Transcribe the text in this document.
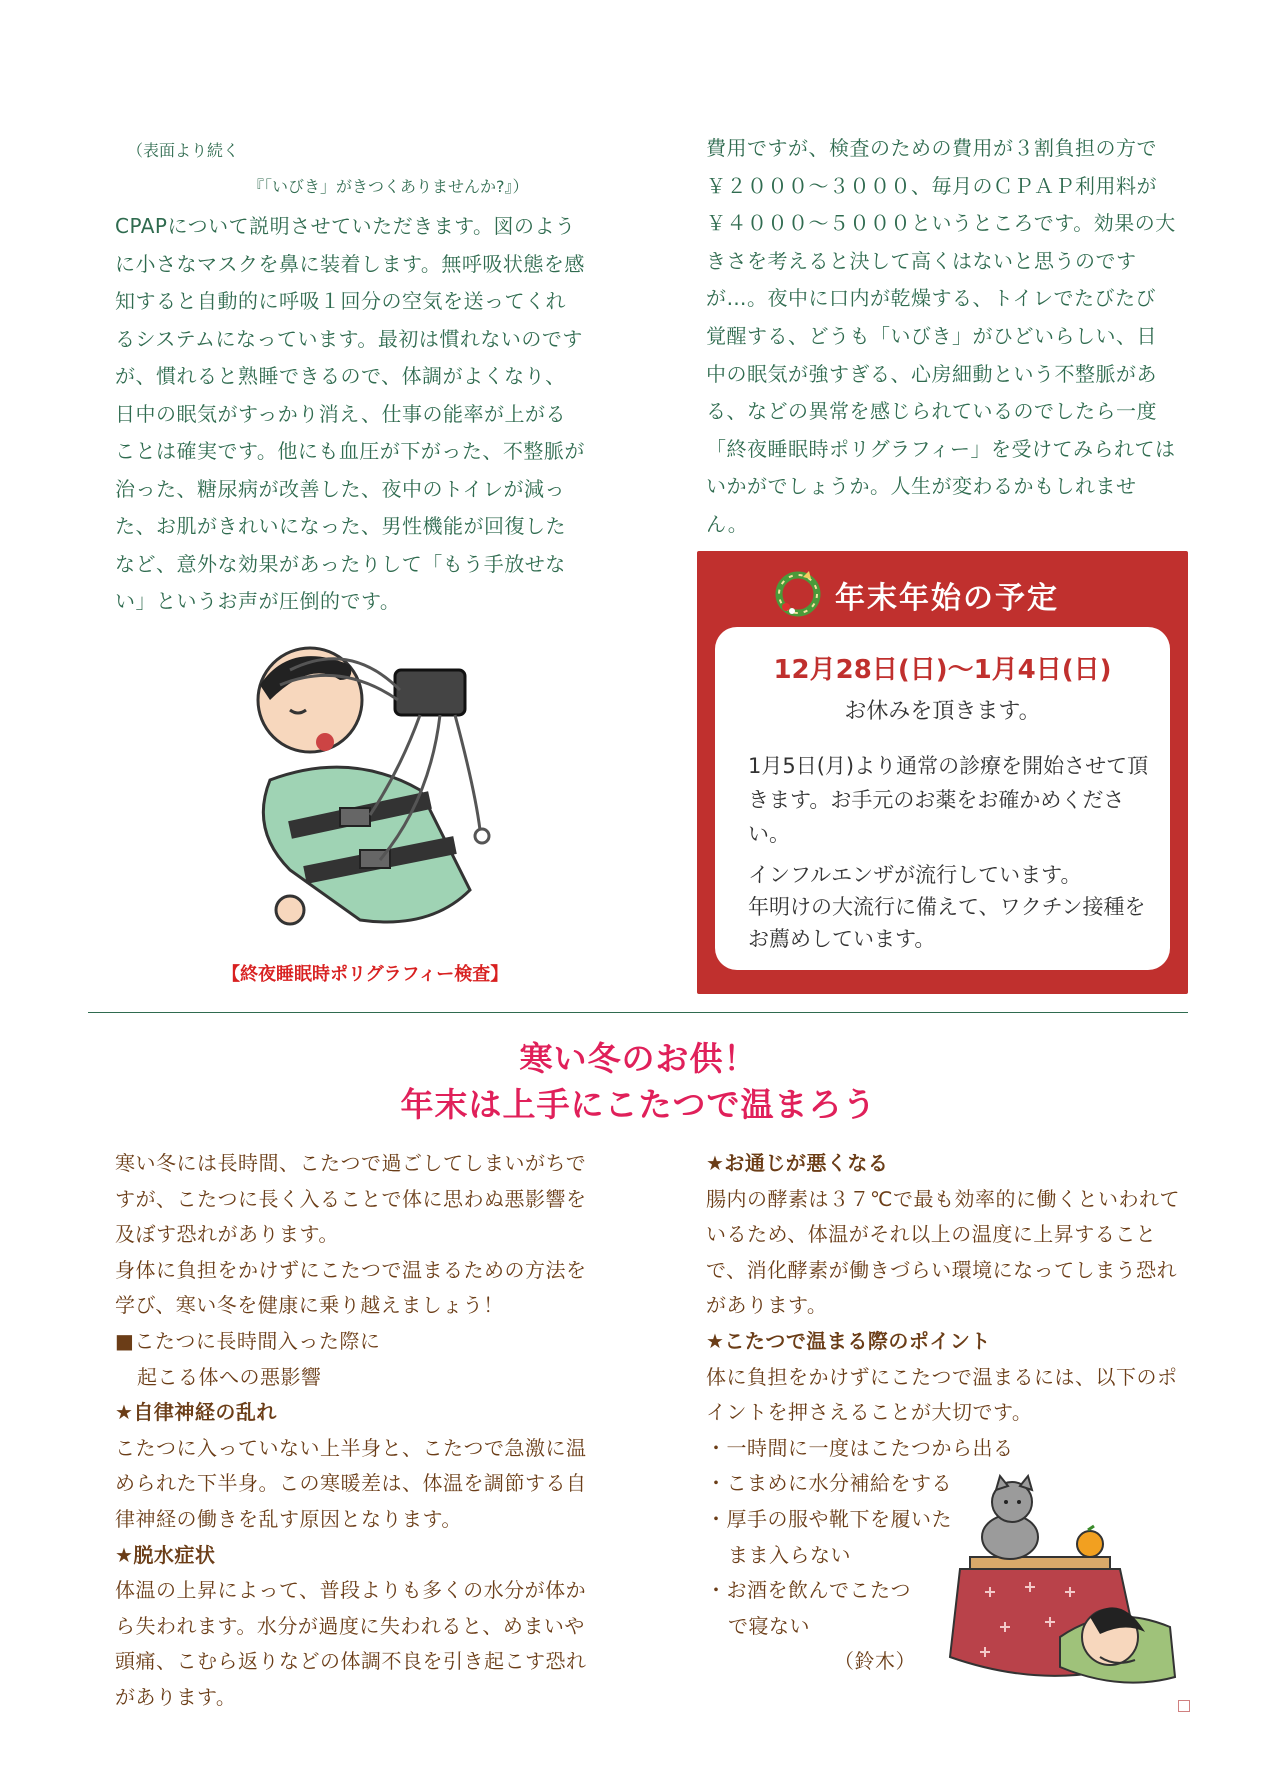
（表面より続く
『「いびき」がきつくありませんか?』）

CPAPについて説明させていただきます。図のように小さなマスクを鼻に装着します。無呼吸状態を感知すると自動的に呼吸１回分の空気を送ってくれるシステムになっています。最初は慣れないのですが、慣れると熟睡できるので、体調がよくなり、日中の眠気がすっかり消え、仕事の能率が上がることは確実です。他にも血圧が下がった、不整脈が治った、糖尿病が改善した、夜中のトイレが減った、お肌がきれいになった、男性機能が回復したなど、意外な効果があったりして「もう手放せない」というお声が圧倒的です。

費用ですが、検査のための費用が３割負担の方で￥２０００～３０００、毎月のＣＰＡＰ利用料が￥４０００～５０００というところです。効果の大きさを考えると決して高くはないと思うのですが…。夜中に口内が乾燥する、トイレでたびたび覚醒する、どうも「いびき」がひどいらしい、日中の眠気が強すぎる、心房細動という不整脈がある、などの異常を感じられているのでしたら一度「終夜睡眠時ポリグラフィー」を受けてみられてはいかがでしょうか。人生が変わるかもしれません。

【終夜睡眠時ポリグラフィー検査】
年末年始の予定
12月28日(日)～1月4日(日)
お休みを頂きます。

1月5日(月)より通常の診療を開始させて頂きます。お手元のお薬をお確かめください。

インフルエンザが流行しています。

年明けの大流行に備えて、ワクチン接種をお薦めしています。

寒い冬のお供！
年末は上手にこたつで温まろう

寒い冬には長時間、こたつで過ごしてしまいがちですが、こたつに長く入ることで体に思わぬ悪影響を及ぼす恐れがあります。

身体に負担をかけずにこたつで温まるための方法を学び、寒い冬を健康に乗り越えましょう！

■こたつに長時間入った際に

起こる体への悪影響

★自律神経の乱れ

こたつに入っていない上半身と、こたつで急激に温められた下半身。この寒暖差は、体温を調節する自律神経の働きを乱す原因となります。

★脱水症状

体温の上昇によって、普段よりも多くの水分が体から失われます。水分が過度に失われると、めまいや頭痛、こむら返りなどの体調不良を引き起こす恐れがあります。

★お通じが悪くなる

腸内の酵素は３７℃で最も効率的に働くといわれているため、体温がそれ以上の温度に上昇することで、消化酵素が働きづらい環境になってしまう恐れがあります。

★こたつで温まる際のポイント

体に負担をかけずにこたつで温まるには、以下のポイントを押さえることが大切です。

・一時間に一度はこたつから出る

・こまめに水分補給をする

・厚手の服や靴下を履いた

まま入らない

・お酒を飲んでこたつ

で寝ない

（鈴木）
